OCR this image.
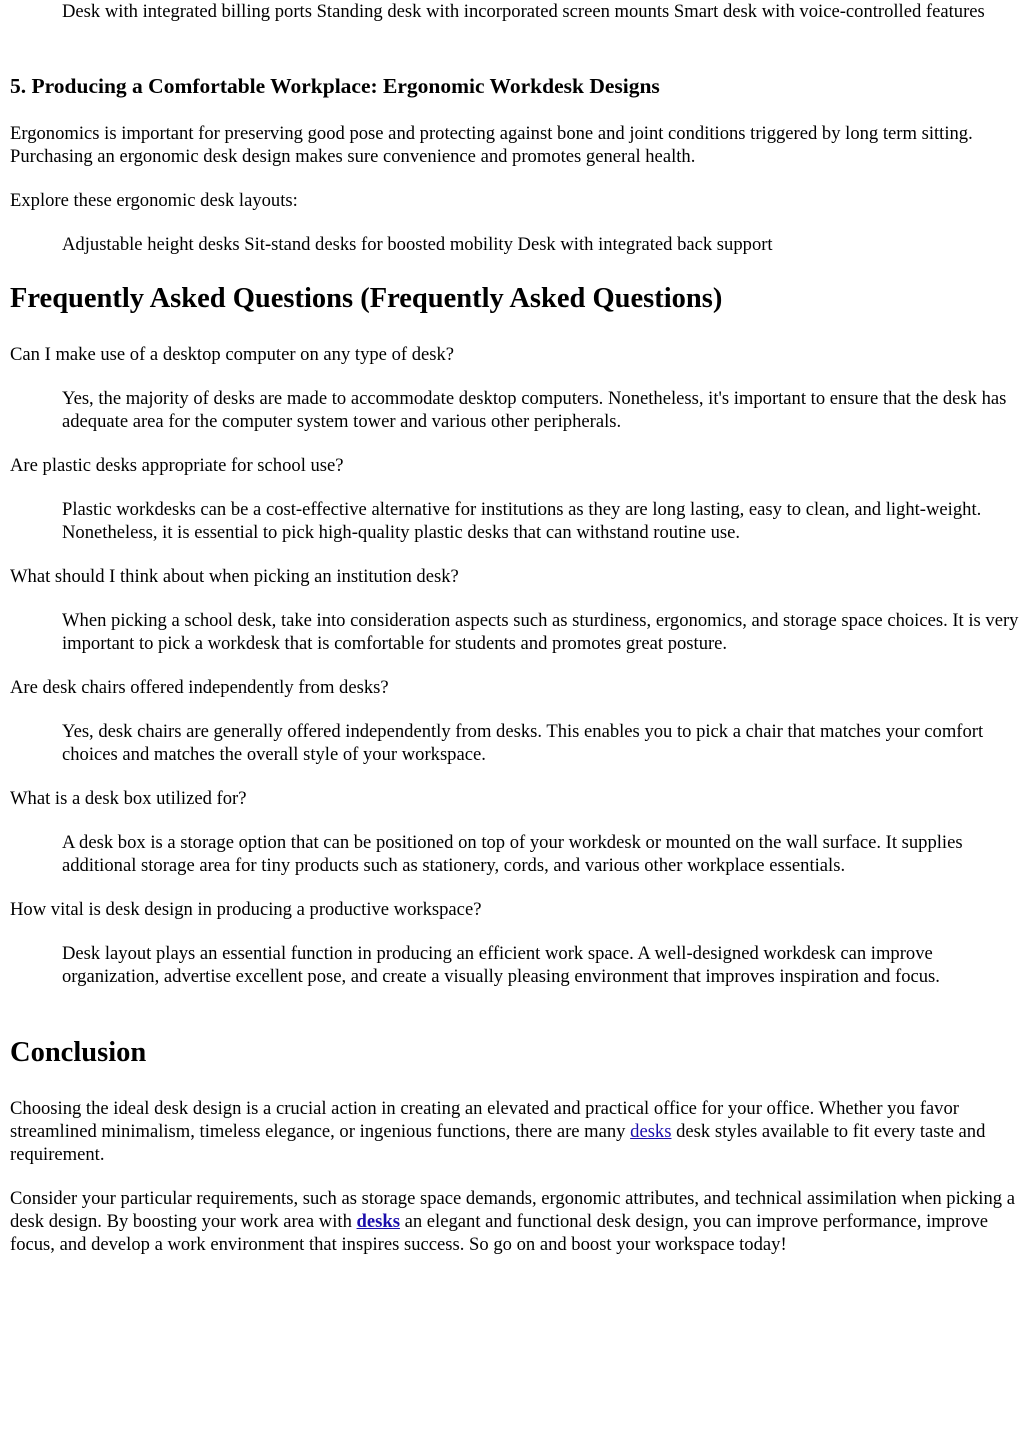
Desk with integrated billing ports Standing desk with incorporated screen mounts Smart desk with voice-controlled features

5. Producing a Comfortable Workplace: Ergonomic Workdesk Designs

Ergonomics is important for preserving good pose and protecting against bone and joint conditions triggered by long term sitting. Purchasing an ergonomic desk design makes sure convenience and promotes general health.

Explore these ergonomic desk layouts:

Adjustable height desks Sit-stand desks for boosted mobility Desk with integrated back support

Frequently Asked Questions (Frequently Asked Questions)

Can I make use of a desktop computer on any type of desk?

Yes, the majority of desks are made to accommodate desktop computers. Nonetheless, it's important to ensure that the desk has adequate area for the computer system tower and various other peripherals.

Are plastic desks appropriate for school use?

Plastic workdesks can be a cost-effective alternative for institutions as they are long lasting, easy to clean, and light-weight. Nonetheless, it is essential to pick high-quality plastic desks that can withstand routine use.

What should I think about when picking an institution desk?

When picking a school desk, take into consideration aspects such as sturdiness, ergonomics, and storage space choices. It is very important to pick a workdesk that is comfortable for students and promotes great posture.

Are desk chairs offered independently from desks?

Yes, desk chairs are generally offered independently from desks. This enables you to pick a chair that matches your comfort choices and matches the overall style of your workspace.

What is a desk box utilized for?

A desk box is a storage option that can be positioned on top of your workdesk or mounted on the wall surface. It supplies additional storage area for tiny products such as stationery, cords, and various other workplace essentials.

How vital is desk design in producing a productive workspace?

Desk layout plays an essential function in producing an efficient work space. A well-designed workdesk can improve organization, advertise excellent pose, and create a visually pleasing environment that improves inspiration and focus.

Conclusion

Choosing the ideal desk design is a crucial action in creating an elevated and practical office for your office. Whether you favor streamlined minimalism, timeless elegance, or ingenious functions, there are many desks desk styles available to fit every taste and requirement.

Consider your particular requirements, such as storage space demands, ergonomic attributes, and technical assimilation when picking a desk design. By boosting your work area with desks an elegant and functional desk design, you can improve performance, improve focus, and develop a work environment that inspires success. So go on and boost your workspace today!
